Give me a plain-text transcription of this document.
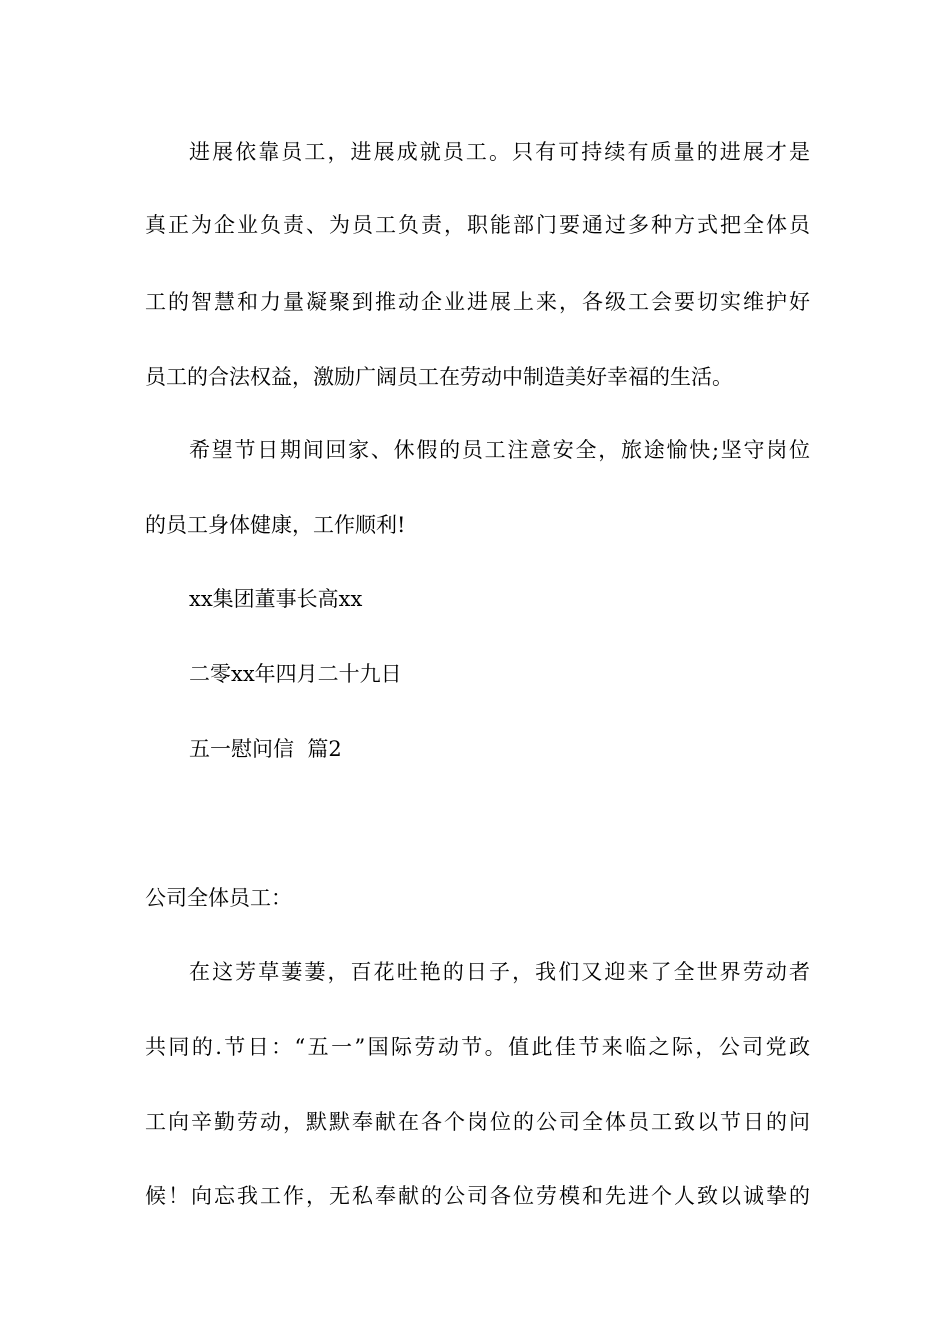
进展依靠员工，进展成就员工。只有可持续有质量的进展才是
真正为企业负责、为员工负责，职能部门要通过多种方式把全体员
工的智慧和力量凝聚到推动企业进展上来，各级工会要切实维护好
员工的合法权益，激励广阔员工在劳动中制造美好幸福的生活。
希望节日期间回家、休假的员工注意安全，旅途愉快;坚守岗位
的员工身体健康，工作顺利!
xx集团董事长高xx
二零xx年四月二十九日
五一慰问信  篇2
公司全体员工：
在这芳草萋萋，百花吐艳的日子，我们又迎来了全世界劳动者
共同的.节日：“五一”国际劳动节。值此佳节来临之际，公司党政
工向辛勤劳动，默默奉献在各个岗位的公司全体员工致以节日的问
候！向忘我工作，无私奉献的公司各位劳模和先进个人致以诚挚的
